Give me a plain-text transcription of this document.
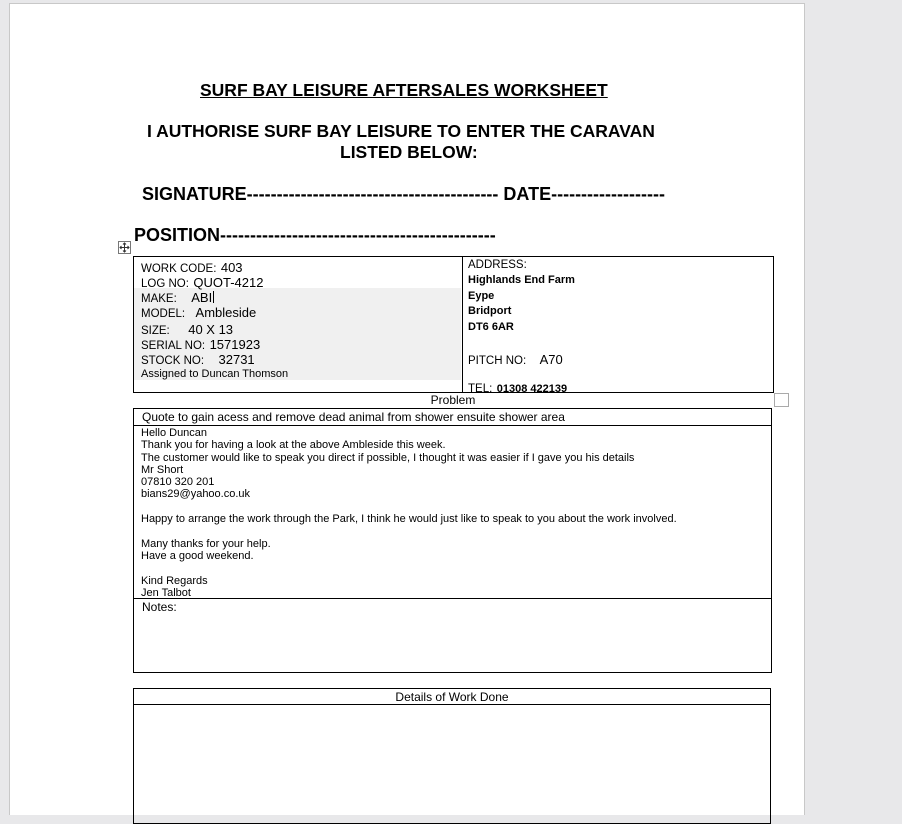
SURF BAY LEISURE AFTERSALES WORKSHEET
I AUTHORISE SURF BAY LEISURE TO ENTER THE CARAVAN
LISTED BELOW:
SIGNATURE------------------------------------------ DATE-------------------
POSITION----------------------------------------------
WORK CODE: 403
LOG NO: QUOT-4212
MAKE: ABI
MODEL: Ambleside
SIZE: 40 X 13
SERIAL NO: 1571923
STOCK NO: 32731
Assigned to Duncan Thomson
ADDRESS:
Highlands End Farm
Eype
Bridport
DT6 6AR
PITCH NO: A70
TEL: 01308 422139
Problem
Quote to gain acess and remove dead animal from shower ensuite shower area
Hello Duncan
Thank you for having a look at the above Ambleside this week.
The customer would like to speak you direct if possible, I thought it was easier if I gave you his details
Mr Short
07810 320 201
bians29@yahoo.co.uk
Happy to arrange the work through the Park, I think he would just like to speak to you about the work involved.
Many thanks for your help.
Have a good weekend.
Kind Regards
Jen Talbot
Notes:
Details of Work Done
